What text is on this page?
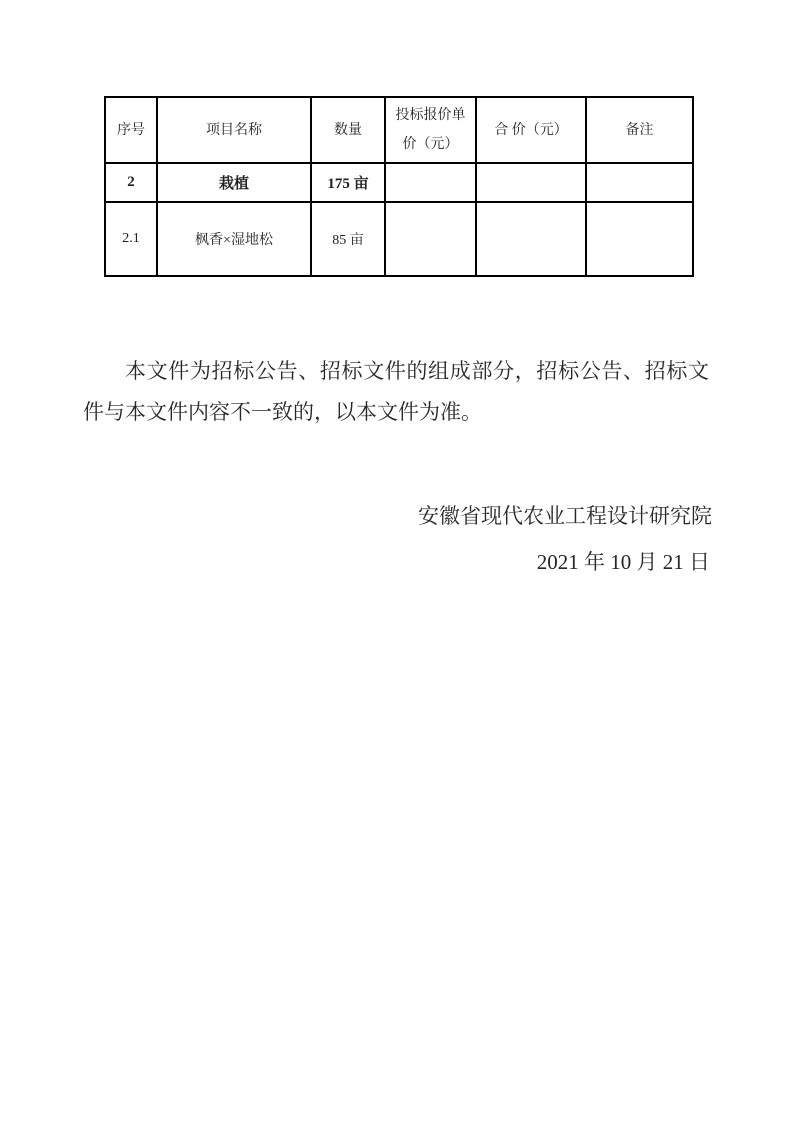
序号	项目名称	数量	投标报价单价（元）	合 价（元）	备注
2	栽植	175 亩			
2.1	枫香×湿地松	85 亩			

本文件为招标公告、招标文件的组成部分，招标公告、招标文件与本文件内容不一致的，以本文件为准。

安徽省现代农业工程设计研究院
2021 年 10 月 21 日
